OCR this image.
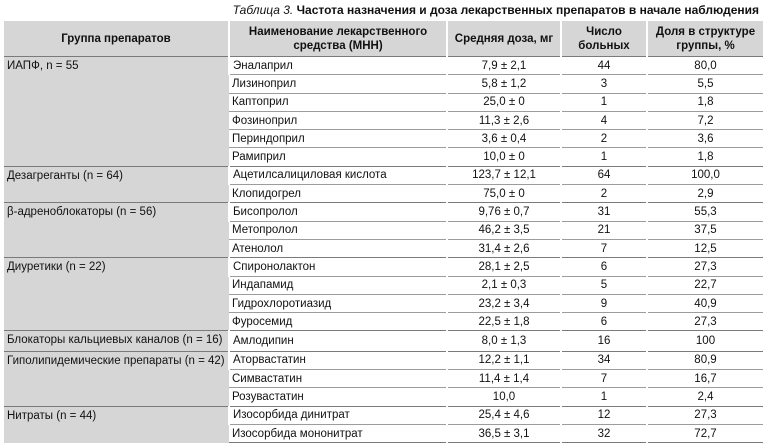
Таблица 3. Частота назначения и доза лекарственных препаратов в начале наблюдения
Группа препаратов	Наименование лекарственного средства (МНН)	Средняя доза, мг	Число больных	Доля в структуре группы, %
ИАПФ, n = 55	Эналаприл	7,9 ± 2,1	44	80,0
	Лизиноприл	5,8 ± 1,2	3	5,5
	Каптоприл	25,0 ± 0	1	1,8
	Фозиноприл	11,3 ± 2,6	4	7,2
	Периндоприл	3,6 ± 0,4	2	3,6
	Рамиприл	10,0 ± 0	1	1,8
Дезагреганты (n = 64)	Ацетилсалициловая кислота	123,7 ± 12,1	64	100,0
	Клопидогрел	75,0 ± 0	2	2,9
β-адреноблокаторы (n = 56)	Бисопролол	9,76 ± 0,7	31	55,3
	Метопролол	46,2 ± 3,5	21	37,5
	Атенолол	31,4 ± 2,6	7	12,5
Диуретики (n = 22)	Спиронолактон	28,1 ± 2,5	6	27,3
	Индапамид	2,1 ± 0,3	5	22,7
	Гидрохлоротиазид	23,2 ± 3,4	9	40,9
	Фуросемид	22,5 ± 1,8	6	27,3
Блокаторы кальциевых каналов (n = 16)	Амлодипин	8,0 ± 1,3	16	100
Гиполипидемические препараты (n = 42)	Аторвастатин	12,2 ± 1,1	34	80,9
	Симвастатин	11,4 ± 1,4	7	16,7
	Розувастатин	10,0	1	2,4
Нитраты (n = 44)	Изосорбида динитрат	25,4 ± 4,6	12	27,3
	Изосорбида мононитрат	36,5 ± 3,1	32	72,7
